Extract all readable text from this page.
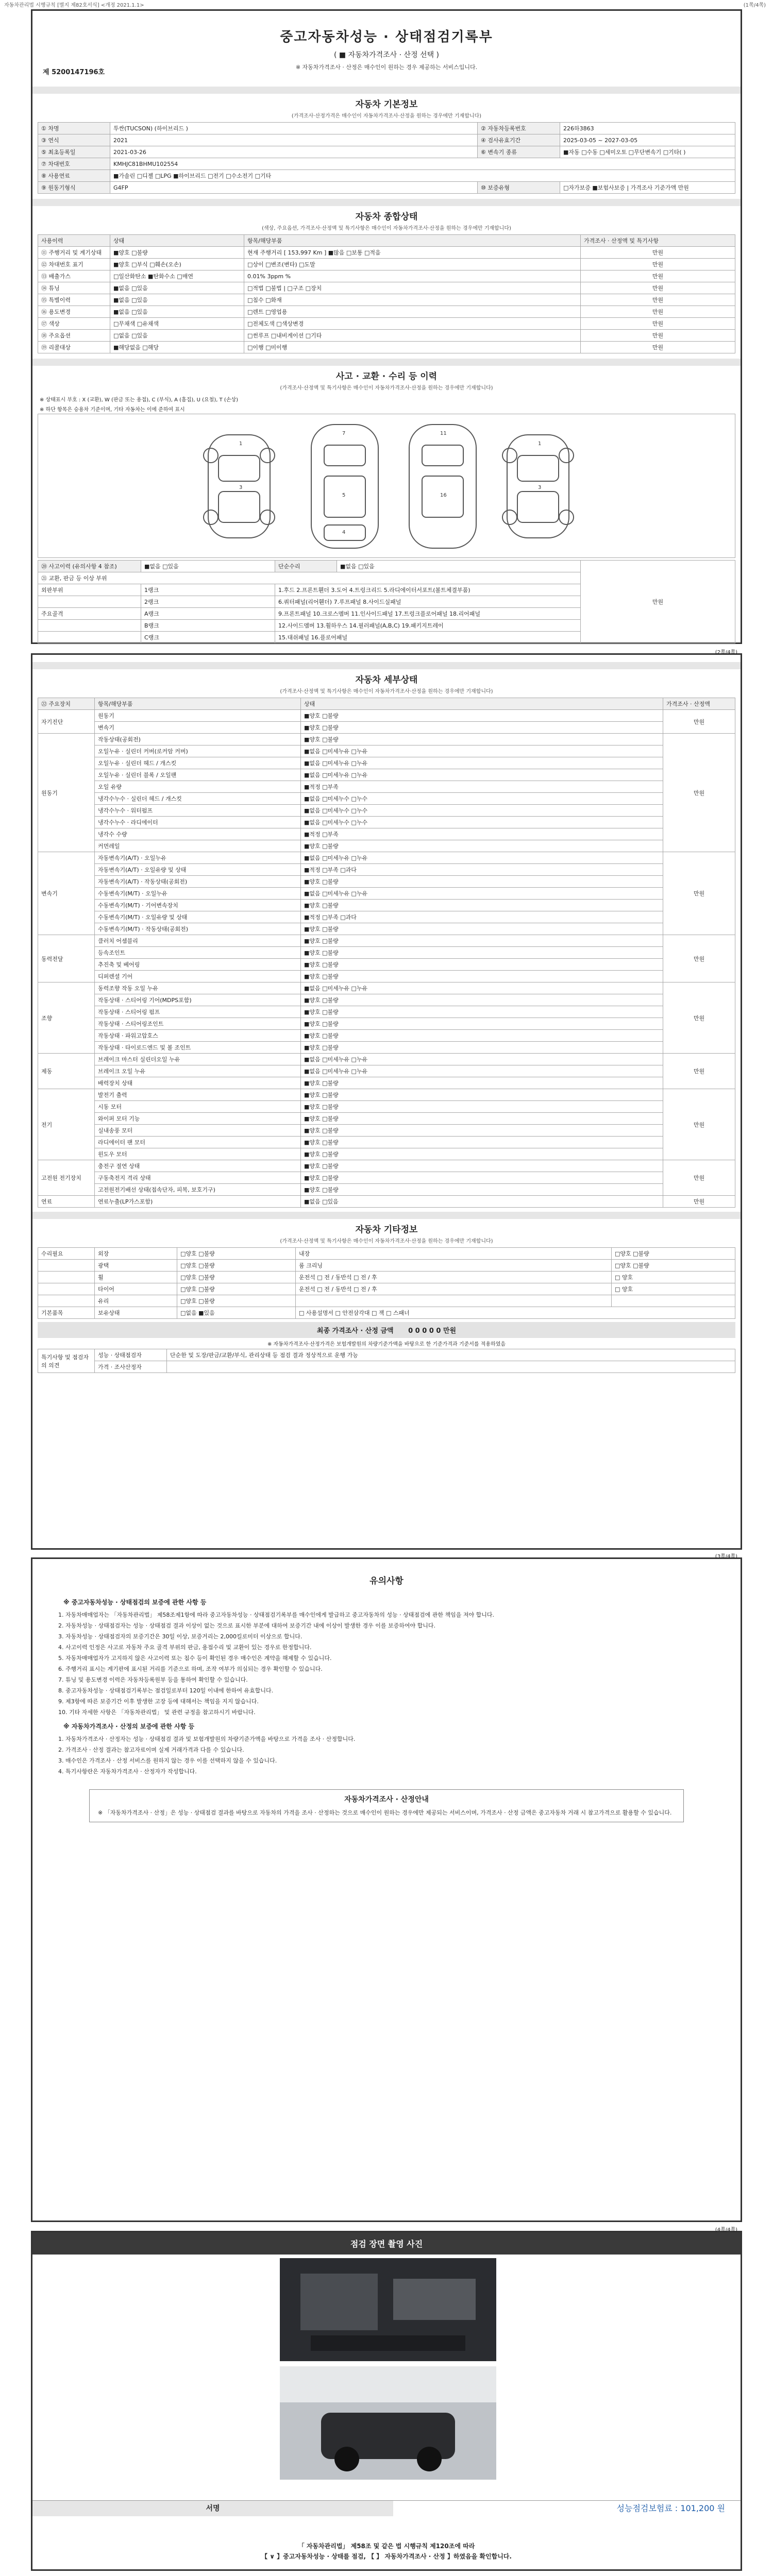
자동차관리법 시행규칙 [별지 제82호서식] <개정 2021.1.1>	(1쪽/4쪽)
중고자동차성능 · 상태점검기록부
( ■ 자동차가격조사 · 산정 선택 )
※ 자동차가격조사 · 산정은 매수인이 원하는 경우 제공하는 서비스입니다.
제 5200147196호
자동차 기본정보
(가격조사·산정가격은 매수인이 자동차가격조사·산정을 원하는 경우에만 기재합니다)
① 차명	투싼(TUCSON) (하이브리드 )	② 자동차등록번호	226하3863
③ 연식	2021	④ 검사유효기간	2025-03-05 ~ 2027-03-05
⑤ 최초등록일	2021-03-26	⑥ 변속기 종류	■자동 □수동 □세미오토 □무단변속기 □기타( )
⑦ 차대번호	KMHJC81BHMU102554		
⑧ 사용연료	■가솔린 □디젤 □LPG ■하이브리드 □전기 □수소전기 □기타		
⑨ 원동기형식	G4FP	⑩ 보증유형	□자가보증 ■보험사보증 | 가격조사 기준가액 만원
자동차 종합상태
(색상, 주요옵션, 가격조사·산정액 및 특기사항은 매수인이 자동차가격조사·산정을 원하는 경우에만 기재합니다)
사용이력	상태	항목/해당부품	가격조사 · 산정액 및 특기사항
⑪ 주행거리 및 계기상태	■양호 □불량	현재 주행거리 [ 153,997 Km ] ■많음 □보통 □적음	만원
⑫ 차대번호 표기	■양호 □부식 □훼손(오손)	□상이 □변조(변타) □도말	만원
⑬ 배출가스	□일산화탄소 ■탄화수소 □매연	0.01% 3ppm %	만원
⑭ 튜닝	■없음 □있음	□적법 □불법 | □구조 □장치	만원
⑮ 특별이력	■없음 □있음	□침수 □화재	만원
⑯ 용도변경	■없음 □있음	□렌트 □영업용	만원
⑰ 색상	□무채색 □유채색	□전체도색 □색상변경	만원
⑱ 주요옵션	□없음 □있음	□썬루프 □내비게이션 □기타	만원
⑲ 리콜대상	■해당없음 □해당	□이행 □미이행	만원
사고 · 교환 · 수리 등 이력
(가격조사·산정액 및 특기사항은 매수인이 자동차가격조사·산정을 원하는 경우에만 기재합니다)
※ 상태표시 부호 : X (교환), W (판금 또는 용접), C (부식), A (흠집), U (요철), T (손상)
※ 하단 항목은 승용차 기준이며, 기타 자동차는 이에 준하여 표시
1
3
7
5
11
16
1
3
4
⑳ 사고이력 (유의사항 4 참조)	■없음 □있음	단순수리	■없음 □있음	만원
㉑ 교환, 판금 등 이상 부위				
외판부위	1랭크	1.후드 2.프론트휀더 3.도어 4.트렁크리드 5.라디에이터서포트(볼트체결부품)		
	2랭크	6.쿼터패널(리어휀더) 7.루프패널 8.사이드실패널		
주요골격	A랭크	9.프론트패널 10.크로스멤버 11.인사이드패널 17.트렁크플로어패널 18.리어패널		
	B랭크	12.사이드멤버 13.휠하우스 14.필러패널(A,B,C) 19.패키지트레이		
	C랭크	15.대쉬패널 16.플로어패널		
(2쪽/4쪽)
자동차 세부상태
(가격조사·산정액 및 특기사항은 매수인이 자동차가격조사·산정을 원하는 경우에만 기재합니다)
㉒ 주요장치	항목/해당부품	상태	가격조사 · 산정액
자기진단	원동기	■양호 □불량	만원
	변속기	■양호 □불량	
원동기	작동상태(공회전)	■양호 □불량	만원
	오일누유 · 실린더 커버(로커암 커버)	■없음 □미세누유 □누유	
	오일누유 · 실린더 헤드 / 개스킷	■없음 □미세누유 □누유	
	오일누유 · 실린더 블록 / 오일팬	■없음 □미세누유 □누유	
	오일 유량	■적정 □부족	
	냉각수누수 · 실린더 헤드 / 개스킷	■없음 □미세누수 □누수	
	냉각수누수 · 워터펌프	■없음 □미세누수 □누수	
	냉각수누수 · 라디에이터	■없음 □미세누수 □누수	
	냉각수 수량	■적정 □부족	
	커먼레일	■양호 □불량	
변속기	자동변속기(A/T) · 오일누유	■없음 □미세누유 □누유	만원
	자동변속기(A/T) · 오일유량 및 상태	■적정 □부족 □과다	
	자동변속기(A/T) · 작동상태(공회전)	■양호 □불량	
	수동변속기(M/T) · 오일누유	■없음 □미세누유 □누유	
	수동변속기(M/T) · 기어변속장치	■양호 □불량	
	수동변속기(M/T) · 오일유량 및 상태	■적정 □부족 □과다	
	수동변속기(M/T) · 작동상태(공회전)	■양호 □불량	
동력전달	클러치 어셈블리	■양호 □불량	만원
	등속조인트	■양호 □불량	
	추진축 및 베어링	■양호 □불량	
	디퍼렌셜 기어	■양호 □불량	
조향	동력조향 작동 오일 누유	■없음 □미세누유 □누유	만원
	작동상태 · 스티어링 기어(MDPS포함)	■양호 □불량	
	작동상태 · 스티어링 펌프	■양호 □불량	
	작동상태 · 스티어링조인트	■양호 □불량	
	작동상태 · 파워고압호스	■양호 □불량	
	작동상태 · 타이로드엔드 및 볼 조인트	■양호 □불량	
제동	브레이크 마스터 실린더오일 누유	■없음 □미세누유 □누유	만원
	브레이크 오일 누유	■없음 □미세누유 □누유	
	배력장치 상태	■양호 □불량	
전기	발전기 출력	■양호 □불량	만원
	시동 모터	■양호 □불량	
	와이퍼 모터 기능	■양호 □불량	
	실내송풍 모터	■양호 □불량	
	라디에이터 팬 모터	■양호 □불량	
	윈도우 모터	■양호 □불량	
고전원 전기장치	충전구 절연 상태	■양호 □불량	만원
	구동축전지 격리 상태	■양호 □불량	
	고전원전기배선 상태(접속단자, 피복, 보호기구)	■양호 □불량	
연료	연료누출(LP가스포함)	■없음 □있음	만원
자동차 기타정보
(가격조사·산정액 및 특기사항은 매수인이 자동차가격조사·산정을 원하는 경우에만 기재합니다)
수리필요	외장	□양호 □불량	내장	□양호 □불량
	광택	□양호 □불량	룸 크리닝	□양호 □불량
	휠	□양호 □불량	운전석 □ 전 / 동반석 □ 전 / 후	□ 양호
	타이어	□양호 □불량	운전석 □ 전 / 동반석 □ 전 / 후	□ 양호
	유리	□양호 □불량		
기본품목	보유상태	□없음 ■있음	□ 사용설명서 □ 안전삼각대 □ 잭 □ 스패너	
최종 가격조사 · 산정 금액 0 0 0 0 0 만원
※ 자동차가격조사·산정가격은 보험개발원의 차량기준가액을 바탕으로 한 기준가격과 기준서를 적용하였음
특기사항 및 점검자의 의견	성능 · 상태점검자	단순한 및 도장/판금/교환/부식, 관리상태 등 점검 결과 정상적으로 운행 가능
	가격 · 조사산정자	
(3쪽/4쪽)
유의사항
※ 중고자동차성능 · 상태점검의 보증에 관한 사항 등

1. 자동차매매업자는 「자동차관리법」 제58조제1항에 따라 중고자동차성능 · 상태점검기록부를 매수인에게 발급하고 중고자동차의 성능 · 상태점검에 관한 책임을 져야 합니다.

2. 자동차성능 · 상태점검자는 성능 · 상태점검 결과 이상이 없는 것으로 표시한 부분에 대하여 보증기간 내에 이상이 발생한 경우 이를 보증하여야 합니다.

3. 자동차성능 · 상태점검자의 보증기간은 30일 이상, 보증거리는 2,000킬로미터 이상으로 합니다.

4. 사고이력 인정은 사고로 자동차 주요 골격 부위의 판금, 용접수리 및 교환이 있는 경우로 한정합니다.

5. 자동차매매업자가 고지하지 않은 사고이력 또는 침수 등이 확인된 경우 매수인은 계약을 해제할 수 있습니다.

6. 주행거리 표시는 계기판에 표시된 거리를 기준으로 하며, 조작 여부가 의심되는 경우 확인할 수 있습니다.

7. 튜닝 및 용도변경 이력은 자동차등록원부 등을 통하여 확인할 수 있습니다.

8. 중고자동차성능 · 상태점검기록부는 점검일로부터 120일 이내에 한하여 유효합니다.

9. 제3항에 따른 보증기간 이후 발생한 고장 등에 대해서는 책임을 지지 않습니다.

10. 기타 자세한 사항은 「자동차관리법」 및 관련 규정을 참고하시기 바랍니다.

※ 자동차가격조사 · 산정의 보증에 관한 사항 등

1. 자동차가격조사 · 산정자는 성능 · 상태점검 결과 및 보험개발원의 차량기준가액을 바탕으로 가격을 조사 · 산정합니다.

2. 가격조사 · 산정 결과는 참고자료이며 실제 거래가격과 다를 수 있습니다.

3. 매수인은 가격조사 · 산정 서비스를 원하지 않는 경우 이를 선택하지 않을 수 있습니다.

4. 특기사항란은 자동차가격조사 · 산정자가 작성합니다.

자동차가격조사 · 산정안내
※ 「자동차가격조사 · 산정」은 성능 · 상태점검 결과를 바탕으로 자동차의 가격을 조사 · 산정하는 것으로 매수인이 원하는 경우에만 제공되는 서비스이며, 가격조사 · 산정 금액은 중고자동차 거래 시 참고가격으로 활용할 수 있습니다.
(4쪽/4쪽)
점검 장면 촬영 사진
서명	성능점검보험료 : 101,200 원
「 자동차관리법」 제58조 및 같은 법 시행규칙 제120조에 따라
【 ∨ 】중고자동차성능 · 상태를 점검, 【 】 자동차가격조사 · 산정 】하였음을 확인합니다.
